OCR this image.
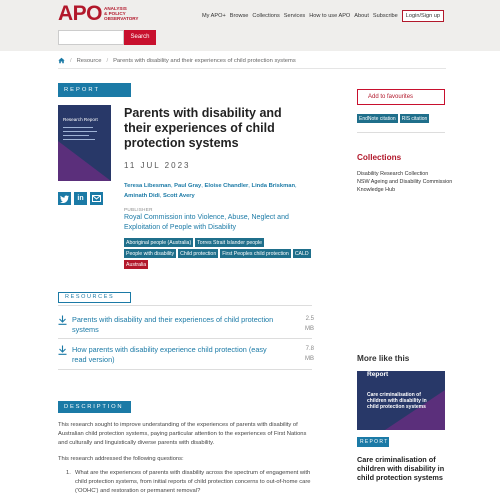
APO ANALYSIS
& POLICY
OBSERVATORY	My APO+ Browse Collections Services How to use APO About Subscribe	Login/Sign up
Search
/ Resource / Parents with disability and their experiences of child protection systems
REPORT
Research Report Parents with disability and their experiences of child protection systems
11 JUL 2023
Teresa Libesman, Paul Gray, Eloise Chandler, Linda Briskman, Aminath Didi, Scott Avery
in
PUBLISHER
Royal Commission into Violence, Abuse, Neglect and Exploitation of People with Disability
Aboriginal people (Australia)	Torres Strait Islander people
People with disability	Child protection	First Peoples child protection	CALD
Australia
RESOURCES
Parents with disability and their experiences of child protection systems
2.5
MB
How parents with disability experience child protection (easy read version)
7.8
MB
DESCRIPTION
This research sought to improve understanding of the experiences of parents with disability of Australian child protection systems, paying particular attention to the experiences of First Nations and culturally and linguistically diverse parents with disability.
This research addressed the following questions:
1. What are the experiences of parents with disability across the spectrum of engagement with child protection systems, from initial reports of child protection concerns to out-of-home care ('OOHC') and restoration or permanent removal?
Add to favourites
EndNote citation	RIS citation
Collections
Disability Research Collection
NSW Ageing and Disability Commission Knowledge Hub
More like this
Report
Care criminalisation of children with disability in child protection systems
REPORT
Care criminalisation of children with disability in child protection systems
